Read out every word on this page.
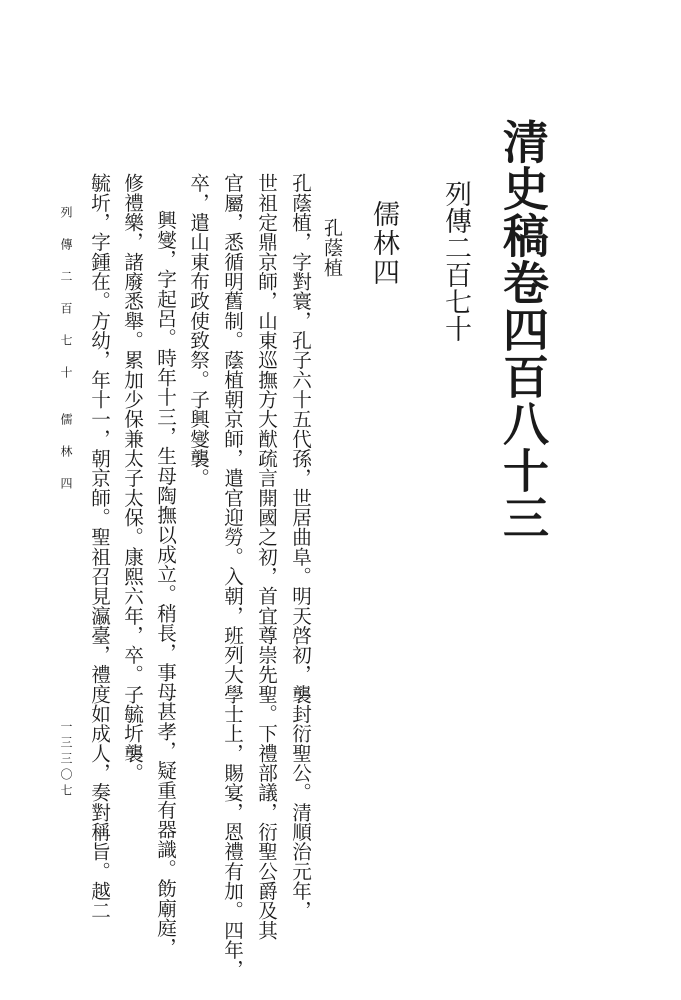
清史稿卷四百八十三
列傳二百七十
儒林四
孔蔭植
孔蔭植，字對寰，孔子六十五代孫，世居曲阜。明天啓初，襲封衍聖公。清順治元年，
世祖定鼎京師，山東巡撫方大猷疏言開國之初，首宜尊崇先聖。下禮部議，衍聖公爵及其
官屬，悉循明舊制。蔭植朝京師，遣官迎勞。入朝，班列大學士上，賜宴，恩禮有加。四年，
卒，遣山東布政使致祭。子興燮襲。
興燮，字起呂。時年十三，生母陶撫以成立。稍長，事母甚孝，疑重有器識。飭廟庭，
修禮樂，諸廢悉舉。累加少保兼太子太保。康熙六年，卒。子毓圻襲。
毓圻，字鍾在。方幼，年十一，朝京師。聖祖召見瀛臺，禮度如成人，奏對稱旨。越二
列 傳 二 百 七 十　 儒 林 四
一三三〇七
